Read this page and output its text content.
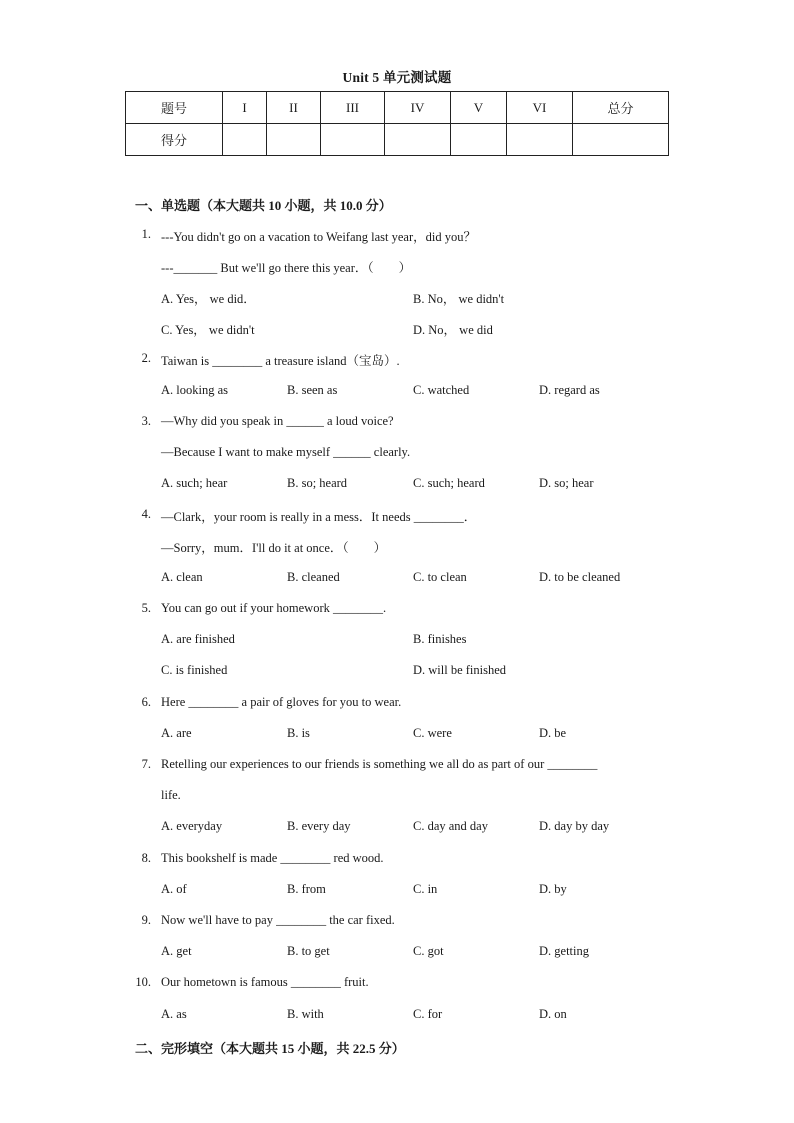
Unit 5 单元测试题
题号	I	II	III	IV	V	VI	总分
得分							
一、单选题（本大题共 10 小题，共 10.0 分）
1. ---You didn't go on a vacation to Weifang last year，did you？
---_______ But we'll go there this year．（　　）
A. Yes， we did．	B. No， we didn't
C. Yes， we didn't	D. No， we did
2. Taiwan is ________ a treasure island（宝岛）.
A. looking as	B. seen as	C. watched	D. regard as
3. —Why did you speak in ______ a loud voice?
—Because I want to make myself ______ clearly.
A. such; hear	B. so; heard	C. such; heard	D. so; hear
4. —Clark，your room is really in a mess．It needs ________．
—Sorry，mum．I'll do it at once．（　　）
A. clean	B. cleaned	C. to clean	D. to be cleaned
5. You can go out if your homework ________.
A. are finished	B. finishes
C. is finished	D. will be finished
6. Here ________ a pair of gloves for you to wear.
A. are	B. is	C. were	D. be
7. Retelling our experiences to our friends is something we all do as part of our ________
life.
A. everyday	B. every day	C. day and day	D. day by day
8. This bookshelf is made ________ red wood.
A. of	B. from	C. in	D. by
9. Now we'll have to pay ________ the car fixed.
A. get	B. to get	C. got	D. getting
10. Our hometown is famous ________ fruit.
A. as	B. with	C. for	D. on
二、完形填空（本大题共 15 小题，共 22.5 分）
